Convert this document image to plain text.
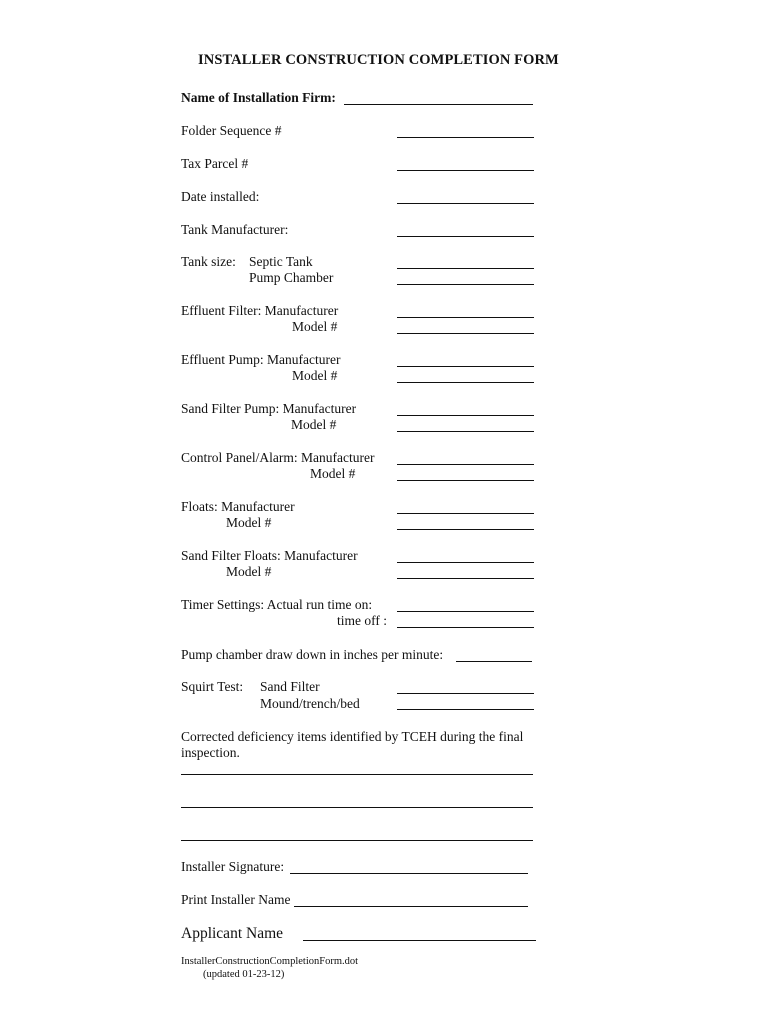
INSTALLER CONSTRUCTION COMPLETION FORM
Name of Installation Firm:
Folder Sequence #
Tax Parcel #
Date installed:
Tank Manufacturer:
Tank size: Septic Tank
Pump Chamber
Effluent Filter: Manufacturer
Model #
Effluent Pump: Manufacturer
Model #
Sand Filter Pump: Manufacturer
Model #
Control Panel/Alarm: Manufacturer
Model #
Floats: Manufacturer
Model #
Sand Filter Floats: Manufacturer
Model #
Timer Settings: Actual run time on:
time off :
Pump chamber draw down in inches per minute:
Squirt Test: Sand Filter
Mound/trench/bed
Corrected deficiency items identified by TCEH during the final
inspection.
Installer Signature:
Print Installer Name
Applicant Name
InstallerConstructionCompletionForm.dot
(updated 01-23-12)
